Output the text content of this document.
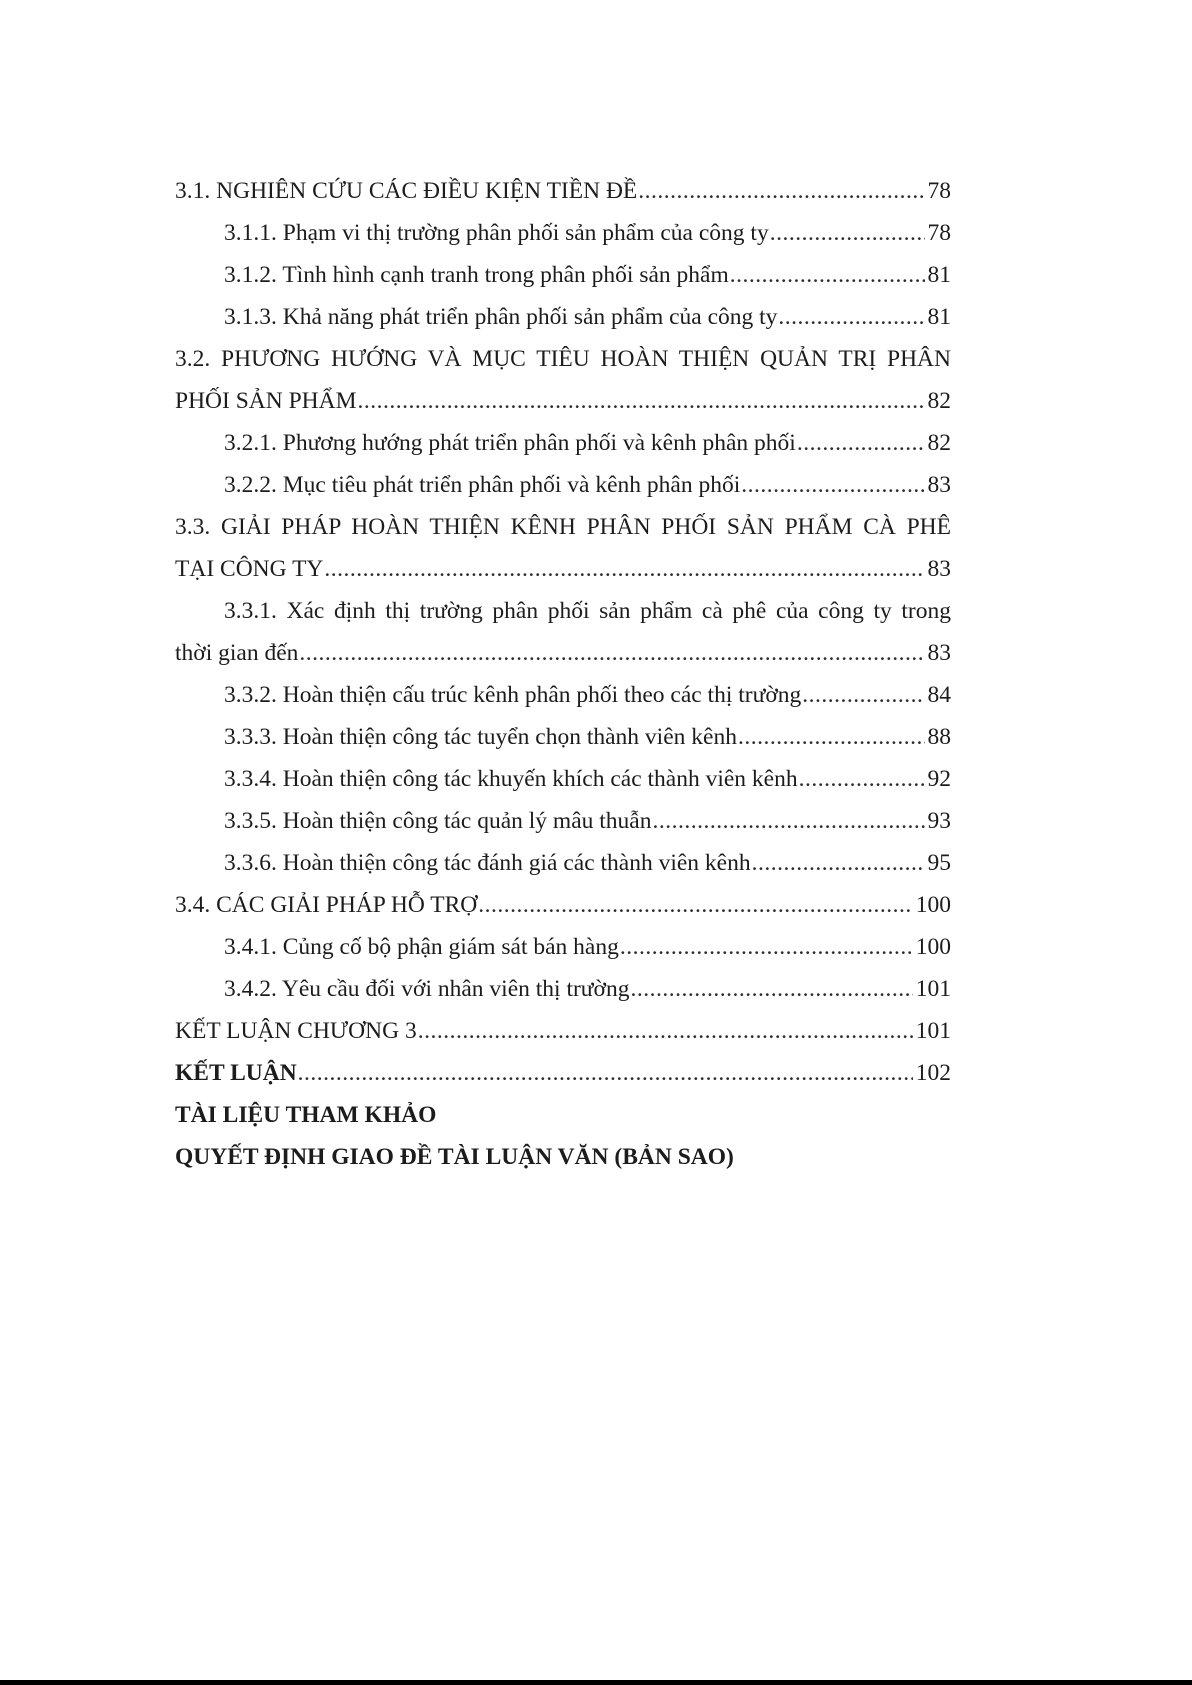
3.1. NGHIÊN CỨU CÁC ĐIỀU KIỆN TIỀN ĐỀ .....	78
3.1.1. Phạm vi thị trường phân phối sản phẩm của công ty .....	78
3.1.2. Tình hình cạnh tranh trong phân phối sản phẩm .....	81
3.1.3. Khả năng phát triển phân phối sản phẩm của công ty .....	81
3.2. PHƯƠNG HƯỚNG VÀ MỤC TIÊU HOÀN THIỆN QUẢN TRỊ PHÂN
PHỐI SẢN PHẨM .....	82
3.2.1. Phương hướng phát triển phân phối và kênh phân phối .....	82
3.2.2. Mục tiêu phát triển phân phối và kênh phân phối .....	83
3.3. GIẢI PHÁP HOÀN THIỆN KÊNH PHÂN PHỐI SẢN PHẨM CÀ PHÊ
TẠI CÔNG TY .....	83
3.3.1. Xác định thị trường phân phối sản phẩm cà phê của công ty trong
thời gian đến .....	83
3.3.2. Hoàn thiện cấu trúc kênh phân phối theo các thị trường .....	84
3.3.3. Hoàn thiện công tác tuyển chọn thành viên kênh .....	88
3.3.4. Hoàn thiện công tác khuyến khích các thành viên kênh .....	92
3.3.5. Hoàn thiện công tác quản lý mâu thuẫn .....	93
3.3.6. Hoàn thiện công tác đánh giá các thành viên kênh .....	95
3.4. CÁC GIẢI PHÁP HỖ TRỢ .....	100
3.4.1. Củng cố bộ phận giám sát bán hàng .....	100
3.4.2. Yêu cầu đối với nhân viên thị trường .....	101
KẾT LUẬN CHƯƠNG 3 .....	101
KẾT LUẬN .....	102
TÀI LIỆU THAM KHẢO
QUYẾT ĐỊNH GIAO ĐỀ TÀI LUẬN VĂN (BẢN SAO)
